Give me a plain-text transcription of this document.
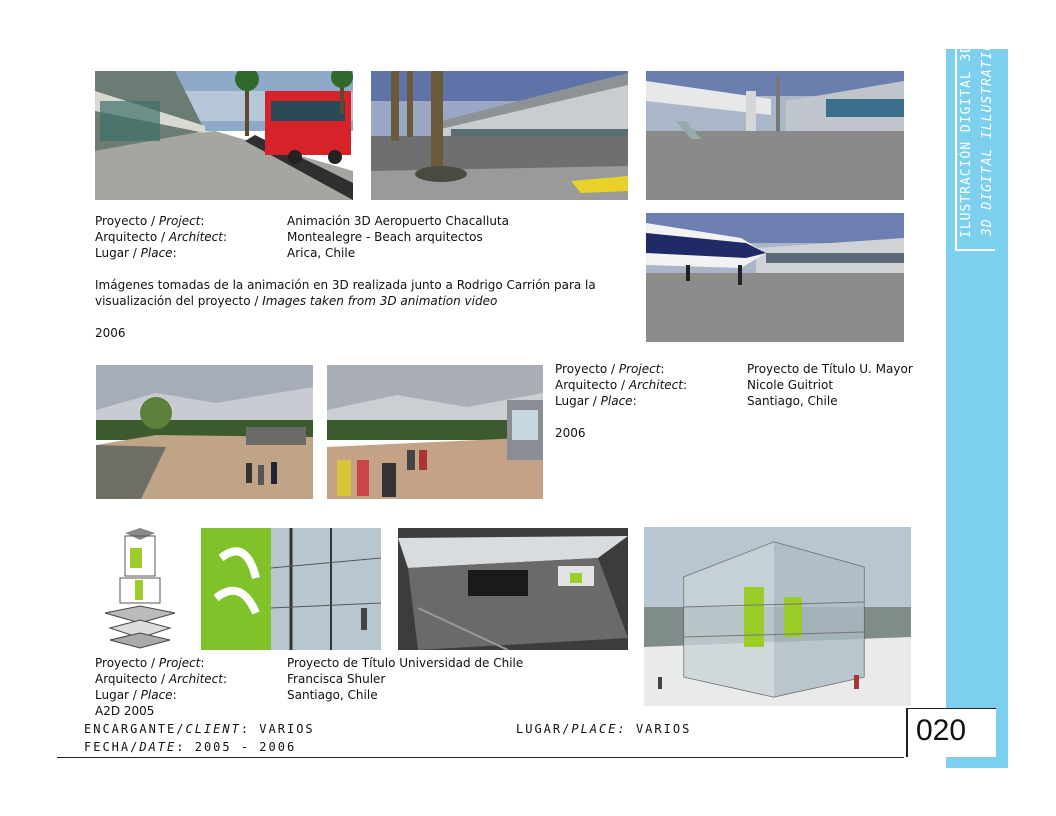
Proyecto / Project:	Animación 3D Aeropuerto Chacalluta
Arquitecto / Architect:	Montealegre - Beach arquitectos
Lugar / Place:	Arica, Chile
Imágenes tomadas de la animación en 3D realizada junto a Rodrigo Carrión para la
visualización del proyecto / Images taken from 3D animation video
2006
Proyecto / Project:	Proyecto de Título U. Mayor
Arquitecto / Architect:	Nicole Guitriot
Lugar / Place:	Santiago, Chile
2006
Proyecto / Project:	Proyecto de Título Universidad de Chile
Arquitecto / Architect:	Francisca Shuler
Lugar / Place:	Santiago, Chile
A2D 2005
ENCARGANTE/CLIENT: VARIOS
FECHA/DATE: 2005 - 2006
LUGAR/PLACE: VARIOS
ILUSTRACIÓN DIGITAL 3D 3D DIGITAL ILLUSTRATION
020
